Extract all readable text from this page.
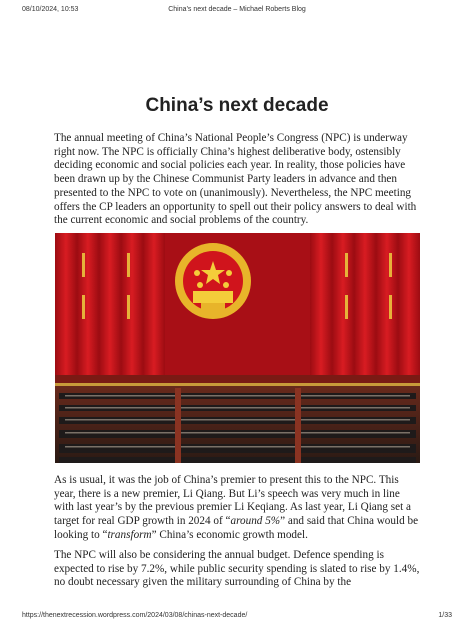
08/10/2024, 10:53	China’s next decade – Michael Roberts Blog
China’s next decade

The annual meeting of China’s National People’s Congress (NPC) is underway right now. The NPC is officially China’s highest deliberative body, ostensibly deciding economic and social policies each year. In reality, those policies have been drawn up by the Chinese Communist Party leaders in advance and then presented to the NPC to vote on (unanimously). Nevertheless, the NPC meeting offers the CP leaders an opportunity to spell out their policy answers to deal with the current economic and social problems of the country.

As is usual, it was the job of China’s premier to present this to the NPC. This year, there is a new premier, Li Qiang. But Li’s speech was very much in line with last year’s by the previous premier Li Keqiang. As last year, Li Qiang set a target for real GDP growth in 2024 of “around 5%” and said that China would be looking to “transform” China’s economic growth model.

The NPC will also be considering the annual budget. Defence spending is expected to rise by 7.2%, while public security spending is slated to rise by 1.4%, no doubt necessary given the military surrounding of China by the

https://thenextrecession.wordpress.com/2024/03/08/chinas-next-decade/	1/33
